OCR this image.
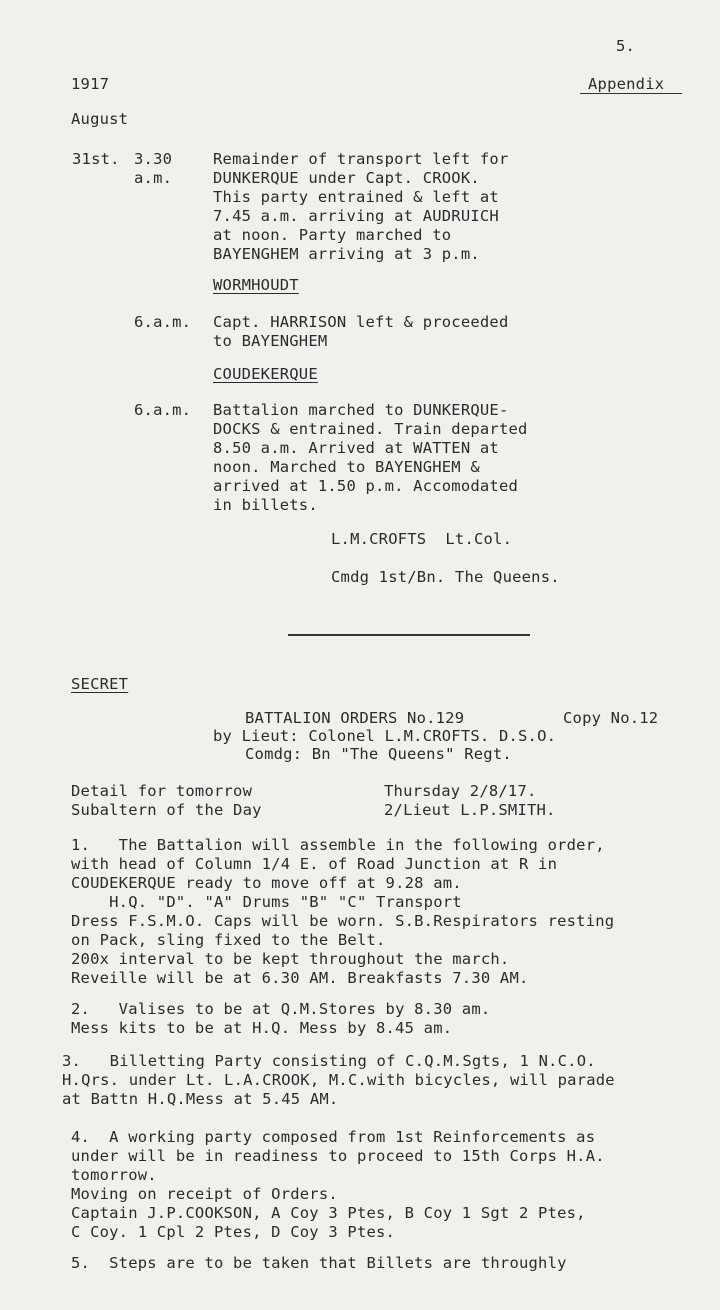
5.
1917	Appendix
August
31st. 3.30
a.m.
Remainder of transport left for
DUNKERQUE under Capt. CROOK.
This party entrained & left at
7.45 a.m. arriving at AUDRUICH
at noon. Party marched to
BAYENGHEM arriving at 3 p.m.
WORMHOUDT
6.a.m. Capt. HARRISON left & proceeded
to BAYENGHEM
COUDEKERQUE
6.a.m. Battalion marched to DUNKERQUE-
DOCKS & entrained. Train departed
8.50 a.m. Arrived at WATTEN at
noon. Marched to BAYENGHEM &
arrived at 1.50 p.m. Accomodated
in billets.
L.M.CROFTS  Lt.Col.
Cmdg 1st/Bn. The Queens.
SECRET
BATTALION ORDERS No.129	Copy No.12
by Lieut: Colonel L.M.CROFTS. D.S.O.
Comdg: Bn "The Queens" Regt.
Detail for tomorrow
Subaltern of the Day
Thursday 2/8/17.
2/Lieut L.P.SMITH.
1.   The Battalion will assemble in the following order,
with head of Column 1/4 E. of Road Junction at R in
COUDEKERQUE ready to move off at 9.28 am.
H.Q. "D". "A" Drums "B" "C" Transport
Dress F.S.M.O. Caps will be worn. S.B.Respirators resting
on Pack, sling fixed to the Belt.
200x interval to be kept throughout the march.
Reveille will be at 6.30 AM. Breakfasts 7.30 AM.
2.   Valises to be at Q.M.Stores by 8.30 am.
Mess kits to be at H.Q. Mess by 8.45 am.
3.   Billetting Party consisting of C.Q.M.Sgts, 1 N.C.O.
H.Qrs. under Lt. L.A.CROOK, M.C.with bicycles, will parade
at Battn H.Q.Mess at 5.45 AM.
4.  A working party composed from 1st Reinforcements as
under will be in readiness to proceed to 15th Corps H.A.
tomorrow.
Moving on receipt of Orders.
Captain J.P.COOKSON, A Coy 3 Ptes, B Coy 1 Sgt 2 Ptes,
C Coy. 1 Cpl 2 Ptes, D Coy 3 Ptes.
5.  Steps are to be taken that Billets are throughly
